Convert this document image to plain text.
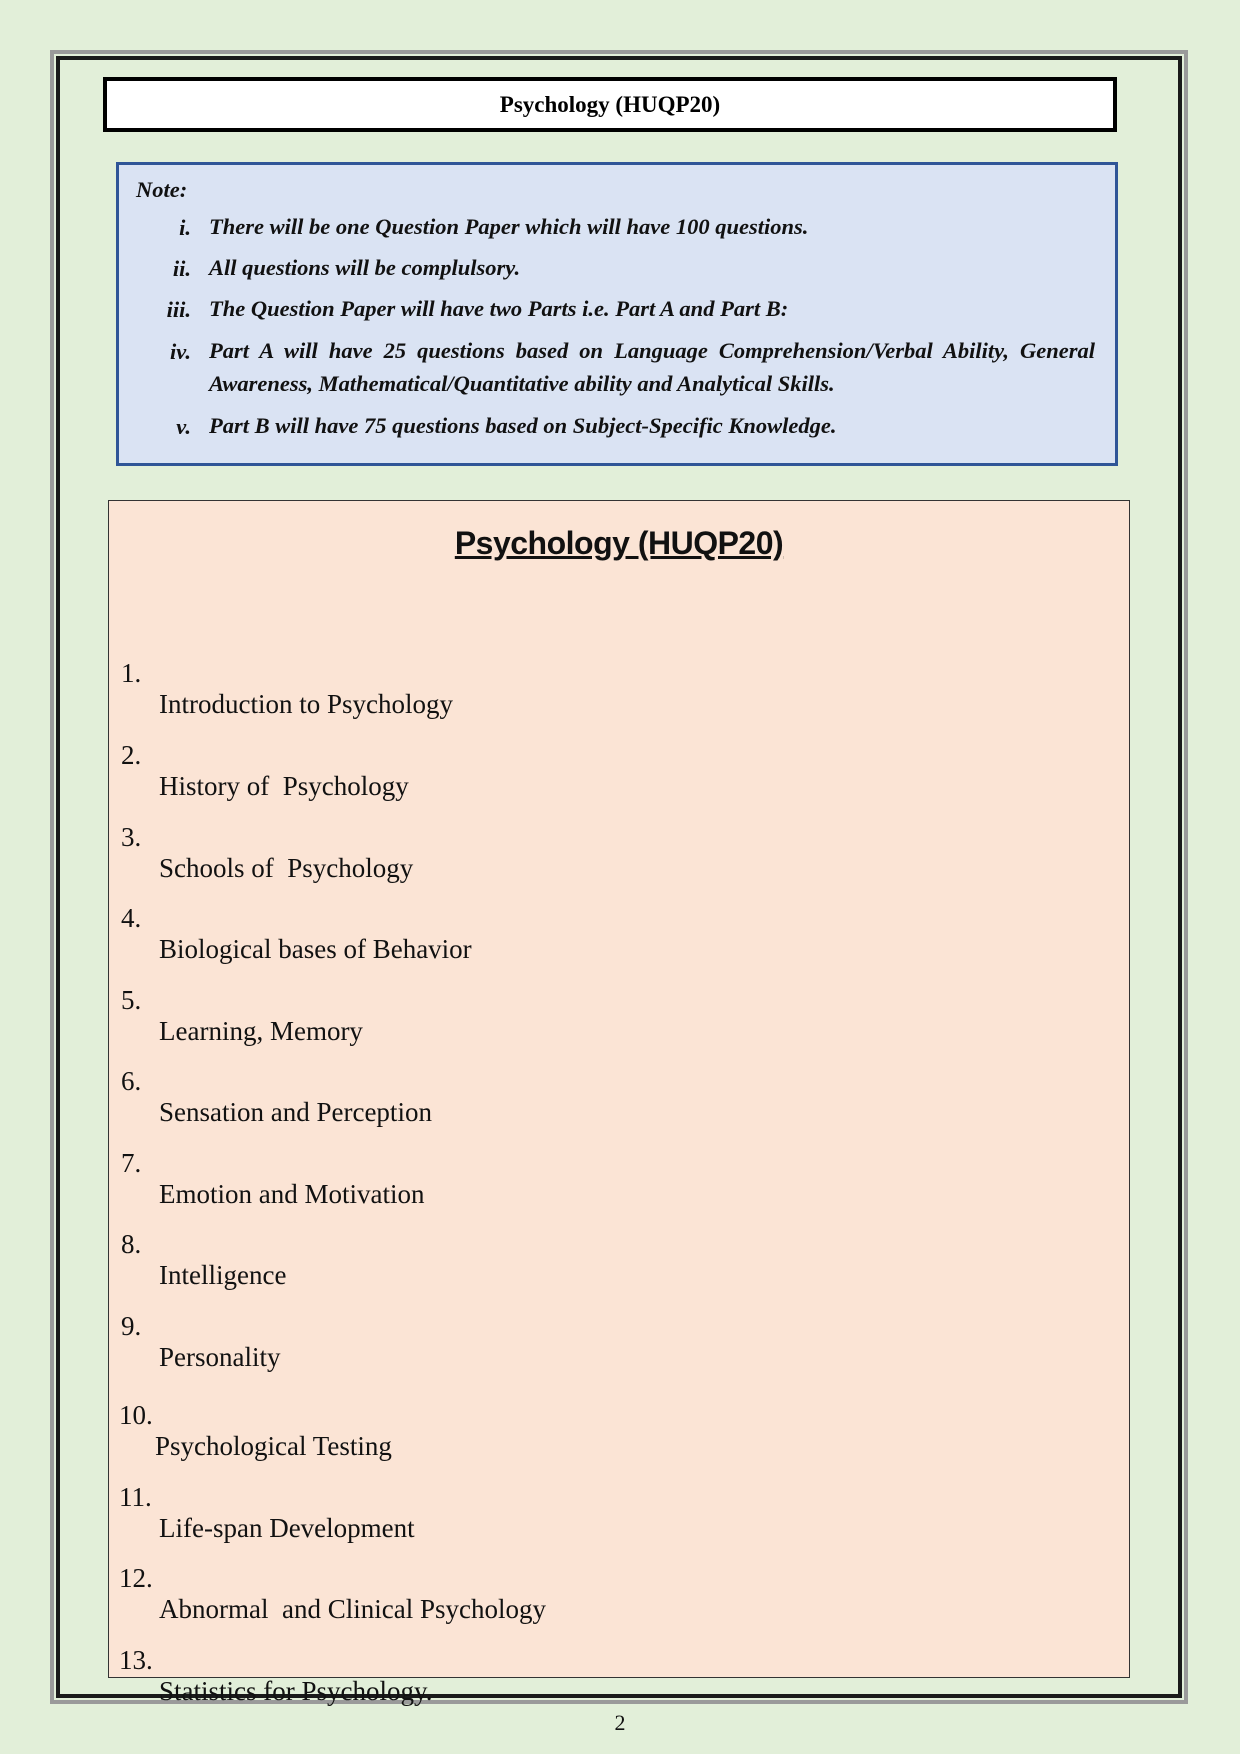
Psychology (HUQP20)
Note:
i. There will be one Question Paper which will have 100 questions.
ii. All questions will be complulsory.
iii. The Question Paper will have two Parts i.e. Part A and Part B:
iv. Part A will have 25 questions based on Language Comprehension/Verbal Ability, General Awareness, Mathematical/Quantitative ability and Analytical Skills.
v. Part B will have 75 questions based on Subject-Specific Knowledge.
Psychology (HUQP20)

1.

Introduction to Psychology

2.

History of  Psychology

3.

Schools of  Psychology

4.

Biological bases of Behavior

5.

Learning, Memory

6.

Sensation and Perception

7.

Emotion and Motivation

8.

Intelligence

9.

Personality

10.

Psychological Testing

11.

Life-span Development

12.

Abnormal  and Clinical Psychology

13.

Statistics for Psychology.

2
